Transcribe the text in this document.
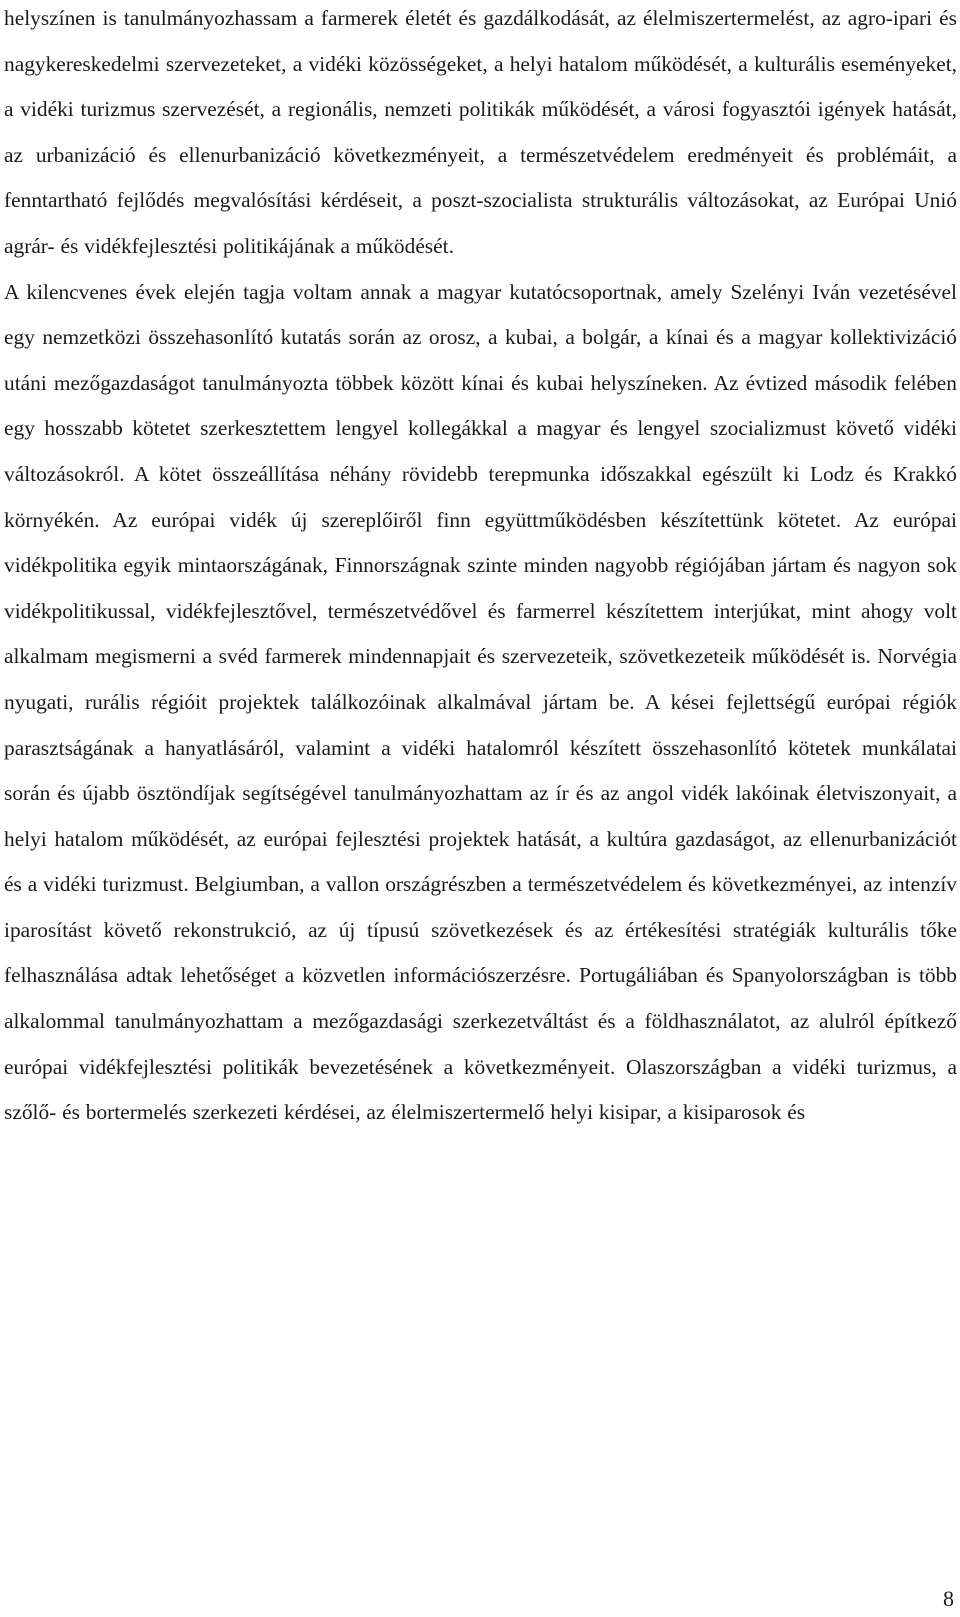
helyszínen is tanulmányozhassam a farmerek életét és gazdálkodását, az élelmiszertermelést, az agro-ipari és nagykereskedelmi szervezeteket, a vidéki közösségeket, a helyi hatalom működését, a kulturális eseményeket, a vidéki turizmus szervezését, a regionális, nemzeti politikák működését, a városi fogyasztói igények hatását, az urbanizáció és ellenurbanizáció következményeit, a természetvédelem eredményeit és problémáit, a fenntartható fejlődés megvalósítási kérdéseit, a poszt-szocialista strukturális változásokat, az Európai Unió agrár- és vidékfejlesztési politikájának a működését.

A kilencvenes évek elején tagja voltam annak a magyar kutatócsoportnak, amely Szelényi Iván vezetésével egy nemzetközi összehasonlító kutatás során az orosz, a kubai, a bolgár, a kínai és a magyar kollektivizáció utáni mezőgazdaságot tanulmányozta többek között kínai és kubai helyszíneken. Az évtized második felében egy hosszabb kötetet szerkesztettem lengyel kollegákkal a magyar és lengyel szocializmust követő vidéki változásokról. A kötet összeállítása néhány rövidebb terepmunka időszakkal egészült ki Lodz és Krakkó környékén. Az európai vidék új szereplőiről finn együttműködésben készítettünk kötetet. Az európai vidékpolitika egyik mintaországának, Finnországnak szinte minden nagyobb régiójában jártam és nagyon sok vidékpolitikussal, vidékfejlesztővel, természetvédővel és farmerrel készítettem interjúkat, mint ahogy volt alkalmam megismerni a svéd farmerek mindennapjait és szervezeteik, szövetkezeteik működését is. Norvégia nyugati, rurális régióit projektek találkozóinak alkalmával jártam be. A kései fejlettségű európai régiók parasztságának a hanyatlásáról, valamint a vidéki hatalomról készített összehasonlító kötetek munkálatai során és újabb ösztöndíjak segítségével tanulmányozhattam az ír és az angol vidék lakóinak életviszonyait, a helyi hatalom működését, az európai fejlesztési projektek hatását, a kultúra gazdaságot, az ellenurbanizációt és a vidéki turizmust. Belgiumban, a vallon országrészben a természetvédelem és következményei, az intenzív iparosítást követő rekonstrukció, az új típusú szövetkezések és az értékesítési stratégiák kulturális tőke felhasználása adtak lehetőséget a közvetlen információszerzésre. Portugáliában és Spanyolországban is több alkalommal tanulmányozhattam a mezőgazdasági szerkezetváltást és a földhasználatot, az alulról építkező európai vidékfejlesztési politikák bevezetésének a következményeit. Olaszországban a vidéki turizmus, a szőlő- és bortermelés szerkezeti kérdései, az élelmiszertermelő helyi kisipar, a kisiparosok és

8
